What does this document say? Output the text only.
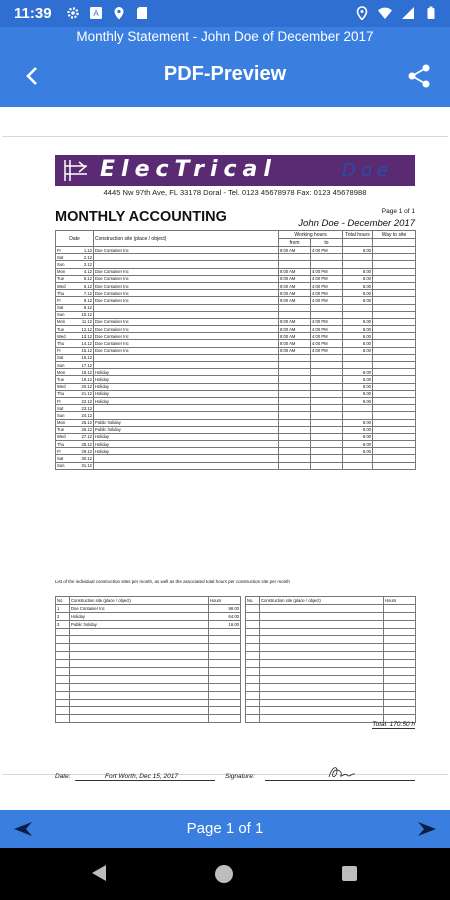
11:39	A
Monthly Statement - John Doe of December 2017
PDF-Preview
ElecTrical	Doe
4445 Nw 97th Ave, FL 33178 Doral - Tel. 0123 45678978 Fax: 0123 45678988
MONTHLY ACCOUNTING	Page 1 of 1
John Doe - December 2017
Date	Construction site (place / object)	Working hours		Total hours	Way to site
		from	to		
Fr 1.12	Doe Container Inc	8:00 AM	4:00 PM	8.00	
Sat 2.12					

Sun 3.12					

Mon 4.12	Doe Container Inc	8:00 AM	4:00 PM	8.00	
Tue 5.12	Doe Container Inc	8:00 AM	4:00 PM	8.00	
Wed 6.12	Doe Container Inc	8:00 AM	4:00 PM	8.00	
Thu 7.12	Doe Container Inc	8:00 AM	4:00 PM	8.00	
Fr 8.12	Doe Container Inc	8:00 AM	4:00 PM	8.00	
Sat 9.12					

Sun 10.12					

Mon 11.12	Doe Container Inc	8:00 AM	4:00 PM	8.00	
Tue 12.12	Doe Container Inc	8:00 AM	4:00 PM	8.00	
Wed 13.12	Doe Container Inc	8:00 AM	4:00 PM	8.00	
Thu 14.12	Doe Container Inc	8:00 AM	4:00 PM	8.00	
Fr 15.12	Doe Container Inc	8:00 AM	4:00 PM	8.00	
Sat 16.12					

Sun 17.12					

Mon 18.12	Holiday			8.00	
Tue 19.12	Holiday			8.00	
Wed 20.12	Holiday			8.00	
Thu 21.12	Holiday			8.00	
Fr 22.12	Holiday			8.00	
Sat 23.12					

Sun 24.12					

Mon 25.12	Public holiday			8.00	
Tue 26.12	Public holiday			8.00	
Wed 27.12	Holiday			8.00	
Thu 28.12	Holiday			8.00	
Fr 29.12	Holiday			8.00	
Sat 30.12					

Sun 31.12					

List of the individual construction sites per month, as well as the associated total hours per construction site per month
No.	Construction site (place / object)	Hours
1	Doe Container Inc	88.00
2	Holiday	64.00
3	Public holiday	16.00

No.	Construction site (place / object)	Hours

Total: 170.50 h
Date:	Fort Worth, Dec 15, 2017	Signature:
Page 1 of 1
